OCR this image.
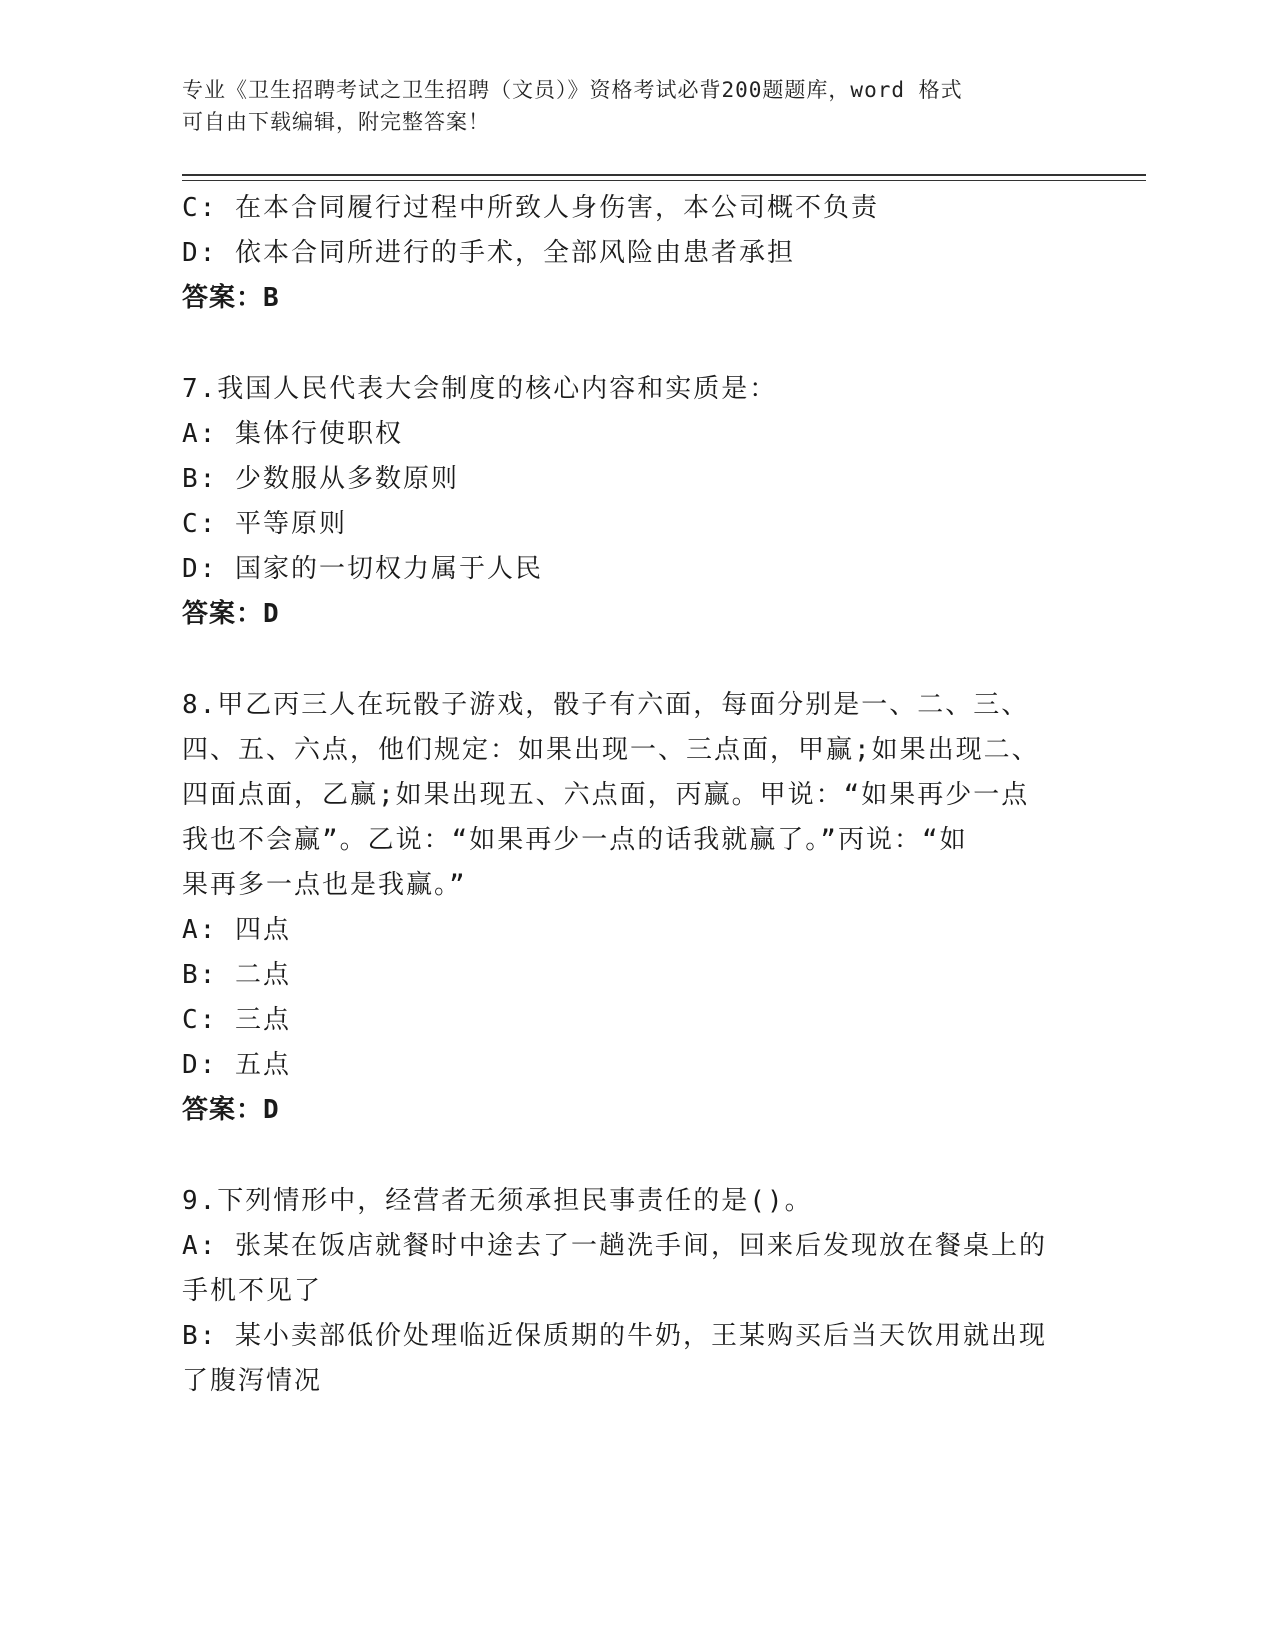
专业《卫生招聘考试之卫生招聘（文员）》资格考试必背200题题库，word 格式
可自由下载编辑，附完整答案！

C: 在本合同履行过程中所致人身伤害，本公司概不负责

D: 依本合同所进行的手术，全部风险由患者承担

答案：B

7.我国人民代表大会制度的核心内容和实质是：

A: 集体行使职权

B: 少数服从多数原则

C: 平等原则

D: 国家的一切权力属于人民

答案：D

8.甲乙丙三人在玩骰子游戏，骰子有六面，每面分别是一、二、三、

四、五、六点，他们规定：如果出现一、三点面，甲赢;如果出现二、

四面点面，乙赢;如果出现五、六点面，丙赢。甲说：“如果再少一点

我也不会赢”。乙说：“如果再少一点的话我就赢了。”丙说：“如

果再多一点也是我赢。”

A: 四点

B: 二点

C: 三点

D: 五点

答案：D

9.下列情形中，经营者无须承担民事责任的是()。

A: 张某在饭店就餐时中途去了一趟洗手间，回来后发现放在餐桌上的

手机不见了

B: 某小卖部低价处理临近保质期的牛奶，王某购买后当天饮用就出现

了腹泻情况
